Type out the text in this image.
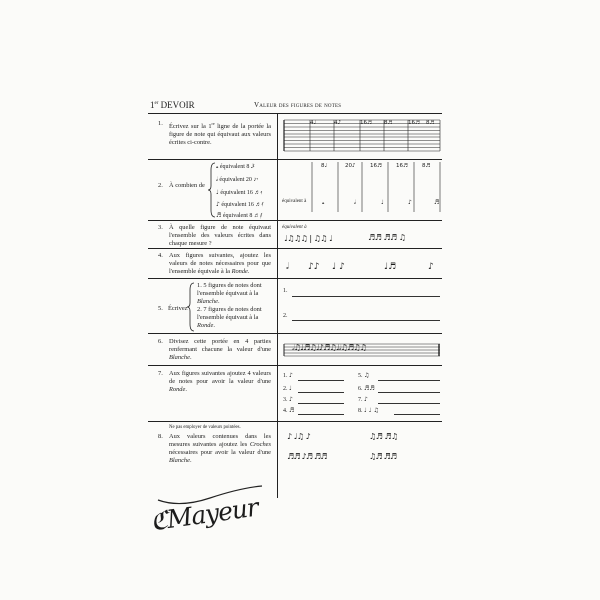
1er DEVOIR	Valeur des figures de notes
1. Écrivez sur la 1re ligne de la portée la figure de note qui équivaut aux valeurs écrites ci-contre.
4♩	4♪	16♬ 8♬	16♬ 8♬
2. À combien de
𝅝 équivalent 8 𝅘𝅥𝄽
𝅗𝅥 équivalent 20 ♪𝄾
♩ équivalent 16 ♬𝄿
♪ équivalent 16 ♬𝅀
♬ équivalent 8 ♬𝅁
8♩	20♪	16♬	16♬	8♬
équivalent à	𝅝	𝅗𝅥	♩	♪	♬
3. À quelle figure de note équivaut l'ensemble des valeurs écrites dans chaque mesure ?
équivalent à
♩♫♫♫ | ♫♫ ♩	♬♬ ♬♬ ♫
4. Aux figures suivantes, ajoutez les valeurs de notes nécessaires pour que l'ensemble équivale à la Ronde.	𝅗𝅥 ♪♪ ♩ ♪	♩♬	♪
5. Écrivez
1. 5 figures de notes dont l'ensemble équivaut à la Blanche.
2. 7 figures de notes dont l'ensemble équivaut à la Ronde.
1.
2.
6. Divisez cette portée en 4 parties renfermant chacune la valeur d'une Blanche.
𝅗𝅥♫♩♬♫♩♪♬♫♩𝅗𝅥♫♬♫♫
7. Aux figures suivantes ajoutez 4 valeurs de notes pour avoir la valeur d'une Ronde.
1. ♪
2. ♩
3. ♪
4. ♬
5. ♫
6. ♬♬
7. ♪
8. ♩ ♩ ♫
Ne pas employer de valeurs pointées.
8. Aux valeurs contenues dans les mesures suivantes ajoutez les Croches nécessaires pour avoir la valeur d'une Blanche.
♪ ♩♫ ♪	♫♬ ♬♫
♬♬ ♪♬ ♬♬	♫♬ ♬♬
ℭMayeur
